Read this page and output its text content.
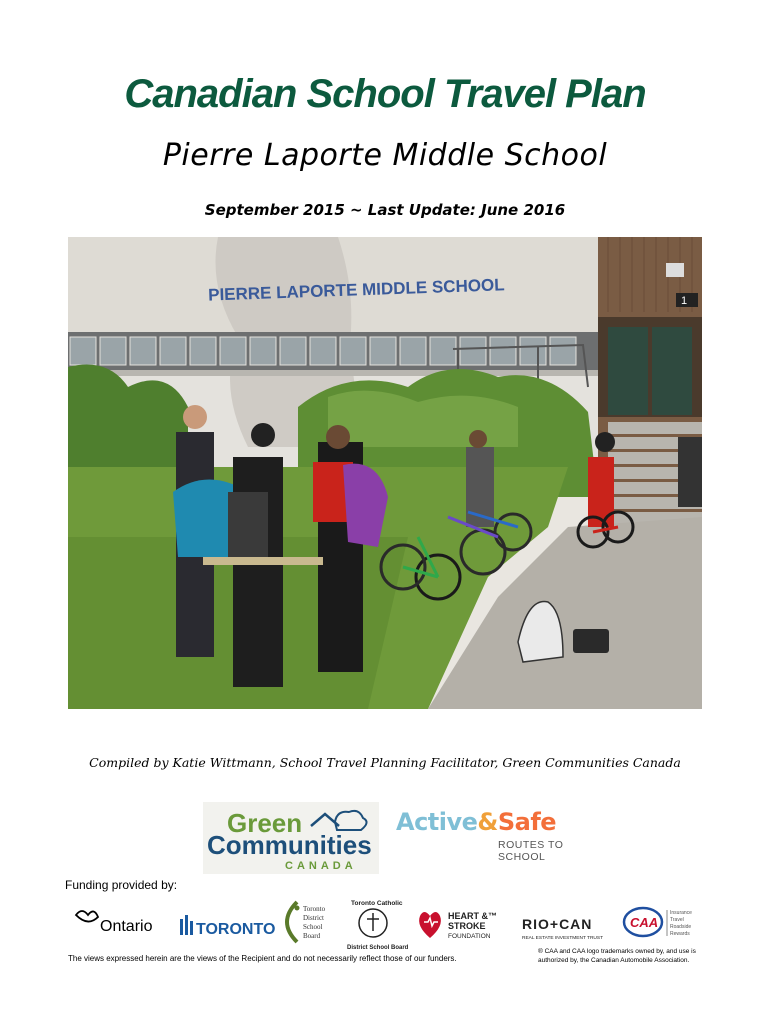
Canadian School Travel Plan
Pierre Laporte Middle School
September 2015 ~ Last Update: June 2016
PIERRE LAPORTE MIDDLE SCHOOL	1
Compiled by Katie Wittmann, School Travel Planning Facilitator, Green Communities Canada
Green
Communities
CANADA
Active&Safe
ROUTES TO SCHOOL
Funding provided by:
Ontario	TORONTO
Toronto
District
School
Board
Toronto Catholic
District School Board
HEART &™
STROKE
FOUNDATION
RIO+CAN
REAL ESTATE INVESTMENT TRUST
CAA
Insurance
Travel
Roadside
Rewards
The views expressed herein are the views of the Recipient and do not necessarily reflect those of our funders.
® CAA and CAA logo trademarks owned by, and use is authorized by, the Canadian Automobile Association.
